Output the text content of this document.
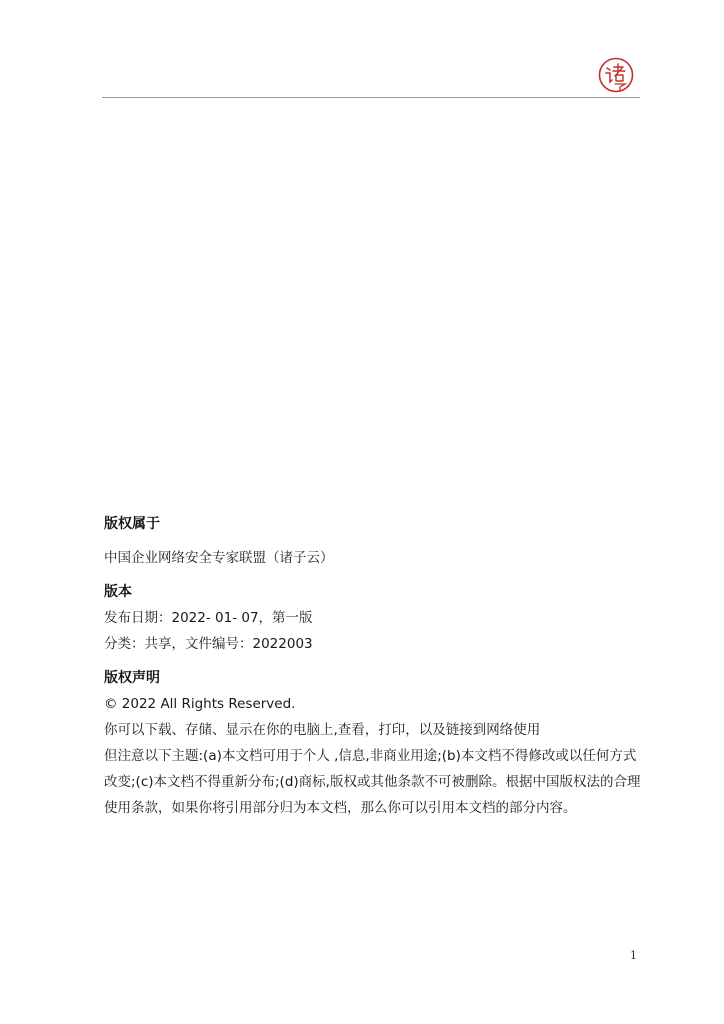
版权属于

中国企业网络安全专家联盟（诸子云）

版本

发布日期：2022- 01- 07，第一版

分类：共享，文件编号：2022003

版权声明

© 2022 All Rights Reserved.

你可以下载、存储、显示在你的电脑上,查看，打印，以及链接到网络使用

但注意以下主题:(a)本文档可用于个人 ,信息,非商业用途;(b)本文档不得修改或以任何方式改变;(c)本文档不得重新分布;(d)商标,版权或其他条款不可被删除。根据中国版权法的合理使用条款，如果你将引用部分归为本文档，那么你可以引用本文档的部分内容。

1
